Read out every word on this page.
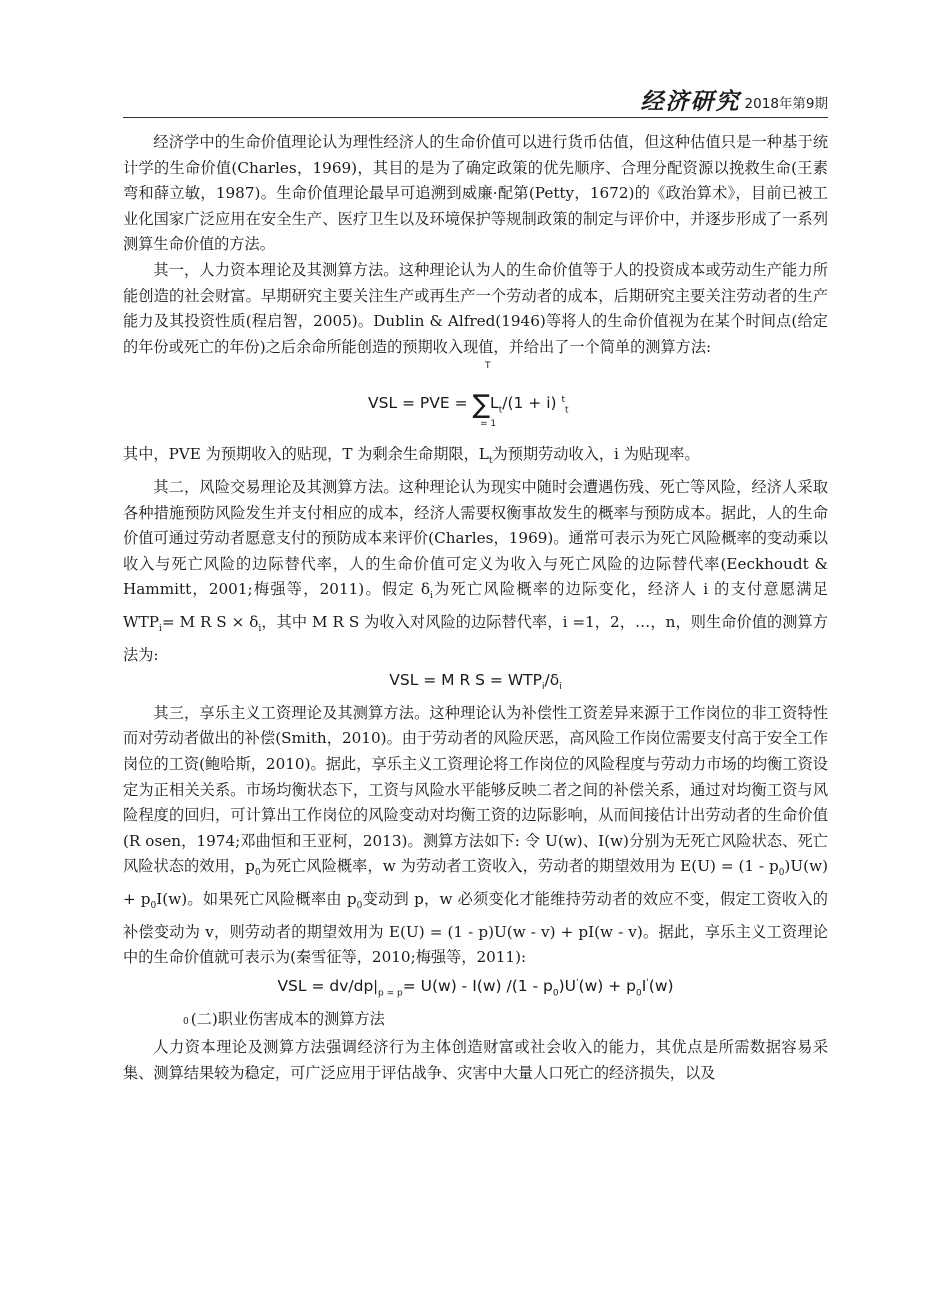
经济研究 2018年第9期

经济学中的生命价值理论认为理性经济人的生命价值可以进行货币估值，但这种估值只是一种基于统计学的生命价值(Charles，1969)，其目的是为了确定政策的优先顺序、合理分配资源以挽救生命(王素弯和薛立敏，1987)。生命价值理论最早可追溯到威廉·配第(Petty，1672)的《政治算术》，目前已被工业化国家广泛应用在安全生产、医疗卫生以及环境保护等规制政策的制定与评价中，并逐步形成了一系列测算生命价值的方法。

其一，人力资本理论及其测算方法。这种理论认为人的生命价值等于人的投资成本或劳动生产能力所能创造的社会财富。早期研究主要关注生产或再生产一个劳动者的成本，后期研究主要关注劳动者的生产能力及其投资性质(程启智，2005)。Dublin & Alfred(1946)等将人的生命价值视为在某个时间点(给定的年份或死亡的年份)之后余命所能创造的预期收入现值，并给出了一个简单的测算方法:

T
VSL = PVE = $\sum L_t/(1 + i)$ $^t_t$
= 1

其中，PVE 为预期收入的贴现，T 为剩余生命期限，$L_t$为预期劳动收入，i 为贴现率。

其二，风险交易理论及其测算方法。这种理论认为现实中随时会遭遇伤残、死亡等风险，经济人采取各种措施预防风险发生并支付相应的成本，经济人需要权衡事故发生的概率与预防成本。据此，人的生命价值可通过劳动者愿意支付的预防成本来评价(Charles，1969)。通常可表示为死亡风险概率的变动乘以收入与死亡风险的边际替代率，人的生命价值可定义为收入与死亡风险的边际替代率(Eeckhoudt & Hammitt，2001;梅强等，2011)。假定 $\delta_i$为死亡风险概率的边际变化，经济人 i 的支付意愿满足 $WTP_i= M$ R $S \times \delta_i$，其中 M R S 为收入对风险的边际替代率，i =1，2，…，n，则生命价值的测算方法为:

VSL = M R $S = WTP_i/\delta_i$

其三，享乐主义工资理论及其测算方法。这种理论认为补偿性工资差异来源于工作岗位的非工资特性而对劳动者做出的补偿(Smith，2010)。由于劳动者的风险厌恶，高风险工作岗位需要支付高于安全工作岗位的工资(鲍哈斯，2010)。据此，享乐主义工资理论将工作岗位的风险程度与劳动力市场的均衡工资设定为正相关关系。市场均衡状态下，工资与风险水平能够反映二者之间的补偿关系，通过对均衡工资与风险程度的回归，可计算出工作岗位的风险变动对均衡工资的边际影响，从而间接估计出劳动者的生命价值(R osen，1974;邓曲恒和王亚柯，2013)。测算方法如下: 令 U(w)、I(w)分别为无死亡风险状态、死亡风险状态的效用，$p_0$为死亡风险概率，w 为劳动者工资收入，劳动者的期望效用为 $E(U) = (1 - p_0)U(w) + p_0I(w)$。如果死亡风险概率由 $p_0$变动到 p，w 必须变化才能维持劳动者的效应不变，假定工资收入的补偿变动为 v，则劳动者的期望效用为 E(U) = (1 - p)U(w - v) + pI(w - v)。据此，享乐主义工资理论中的生命价值就可表示为(秦雪征等，2010;梅强等，2011):

VSL = $dv/dp|_{p = p}= U(w) - I(w)$ $/(1 - p_0)U'(w) + p_0I'(w)$

0 (二)职业伤害成本的测算方法

人力资本理论及测算方法强调经济行为主体创造财富或社会收入的能力，其优点是所需数据容易采集、测算结果较为稳定，可广泛应用于评估战争、灾害中大量人口死亡的经济损失，以及
